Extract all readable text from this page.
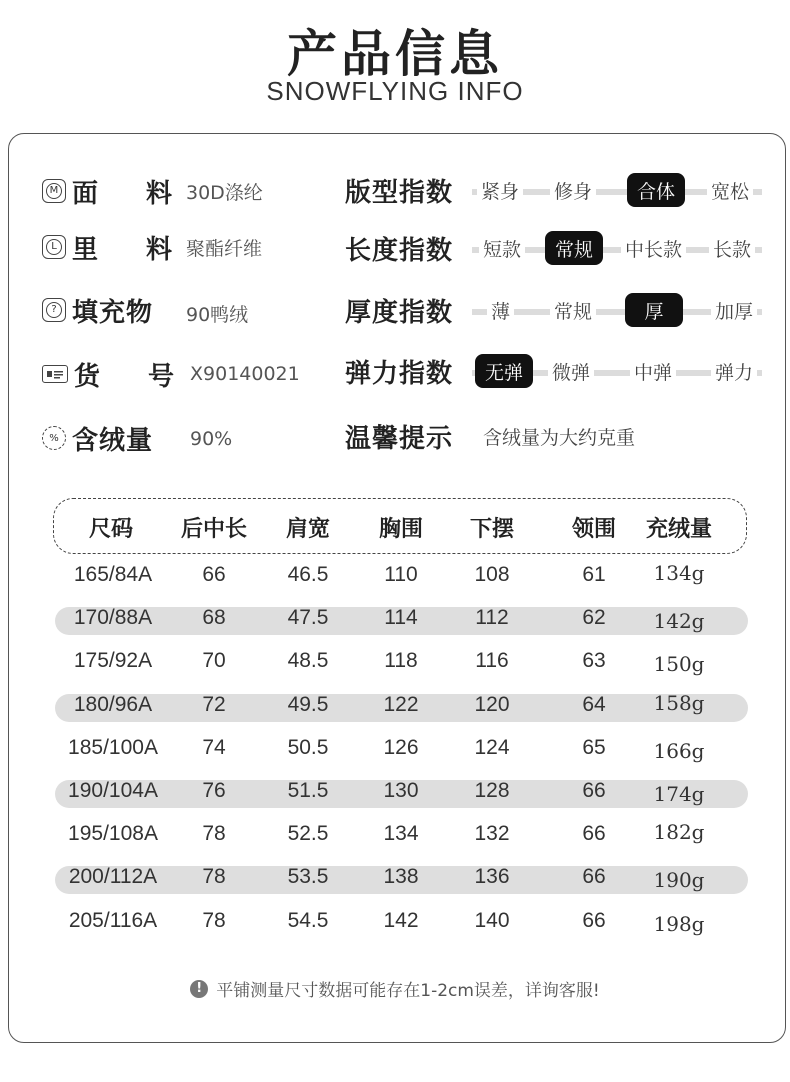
产品信息
SNOWFLYING INFO
M 面 料 30D涤纶
L 里 料 聚酯纤维
? 填充物	90鸭绒
货 号 X90140021
% 含绒量	90%
版型指数	紧身 修身	合体	宽松
长度指数	短款	常规	中长款 长款
厚度指数	薄 常规	厚	加厚
弹力指数	无弹	微弹 中弹 弹力
温馨提示	含绒量为大约克重
尺码 后中长 肩宽 胸围 下摆	领围 充绒量
165/84A 66	46.5	110	108	61 134g
170/88A 68	47.5	114	112	62 142g
175/92A 70	48.5	118	116	63 150g
180/96A 72	49.5	122	120	64 158g
185/100A 74	50.5	126	124	65 166g
190/104A 76	51.5	130	128	66 174g
195/108A 78	52.5	134	132	66 182g
200/112A 78	53.5	138	136	66 190g
205/116A 78	54.5	142	140	66 198g
! 平铺测量尺寸数据可能存在1-2cm误差，详询客服!
